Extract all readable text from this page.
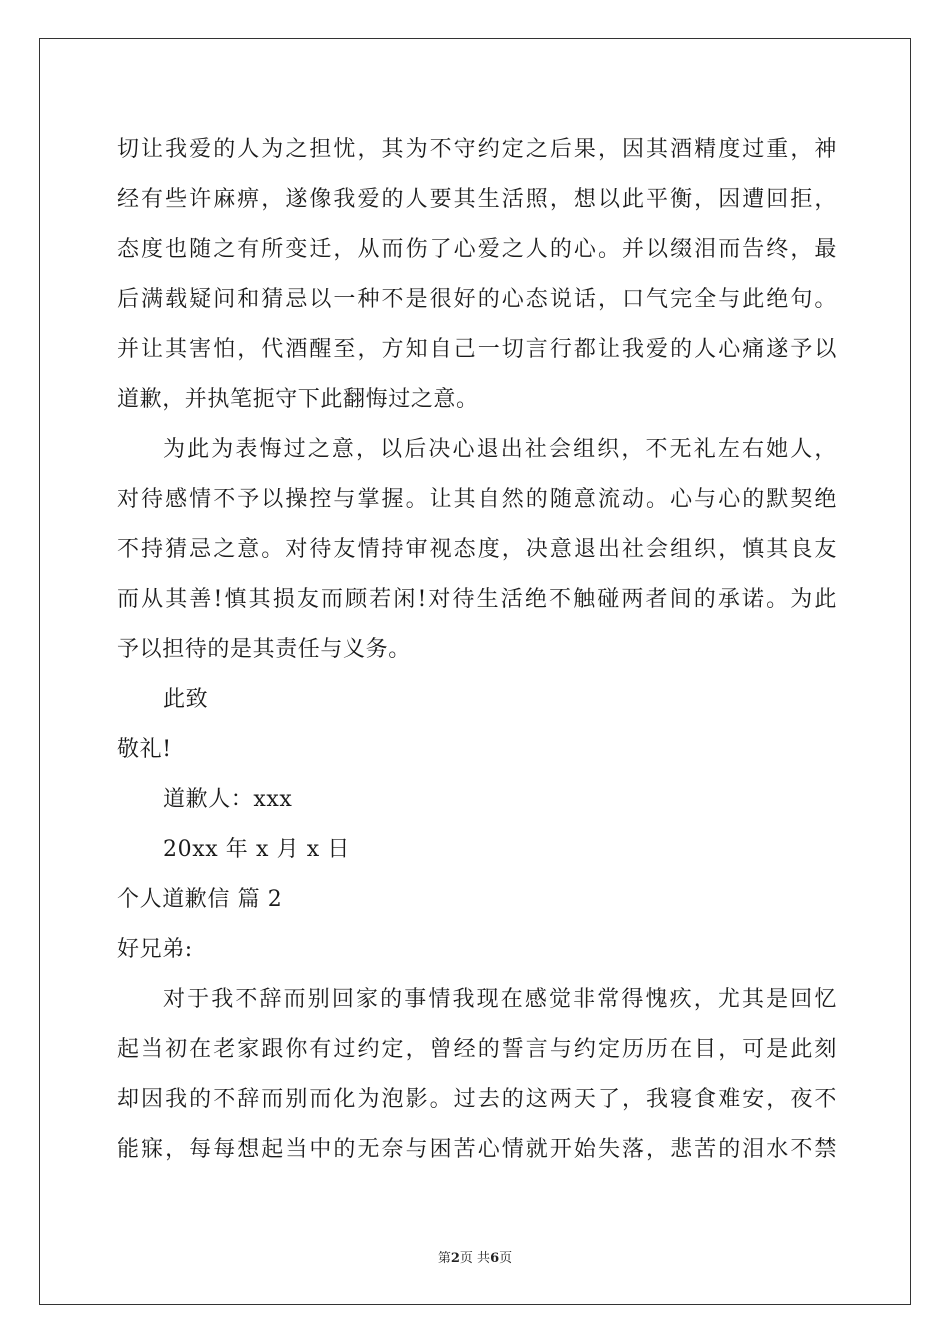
切让我爱的人为之担忧，其为不守约定之后果，因其酒精度过重，神
经有些许麻痹，遂像我爱的人要其生活照，想以此平衡，因遭回拒，
态度也随之有所变迁，从而伤了心爱之人的心。并以缀泪而告终，最
后满载疑问和猜忌以一种不是很好的心态说话，口气完全与此绝句。
并让其害怕，代酒醒至，方知自己一切言行都让我爱的人心痛遂予以
道歉，并执笔扼守下此翻悔过之意。
为此为表悔过之意，以后决心退出社会组织，不无礼左右她人，
对待感情不予以操控与掌握。让其自然的随意流动。心与心的默契绝
不持猜忌之意。对待友情持审视态度，决意退出社会组织，慎其良友
而从其善!慎其损友而顾若闲!对待生活绝不触碰两者间的承诺。为此
予以担待的是其责任与义务。
此致
敬礼!
道歉人：xxx
20xx 年 x 月 x 日
个人道歉信 篇 2
好兄弟:
对于我不辞而别回家的事情我现在感觉非常得愧疚，尤其是回忆
起当初在老家跟你有过约定，曾经的誓言与约定历历在目，可是此刻
却因我的不辞而别而化为泡影。过去的这两天了，我寝食难安，夜不
能寐，每每想起当中的无奈与困苦心情就开始失落，悲苦的泪水不禁
第2页 共6页
